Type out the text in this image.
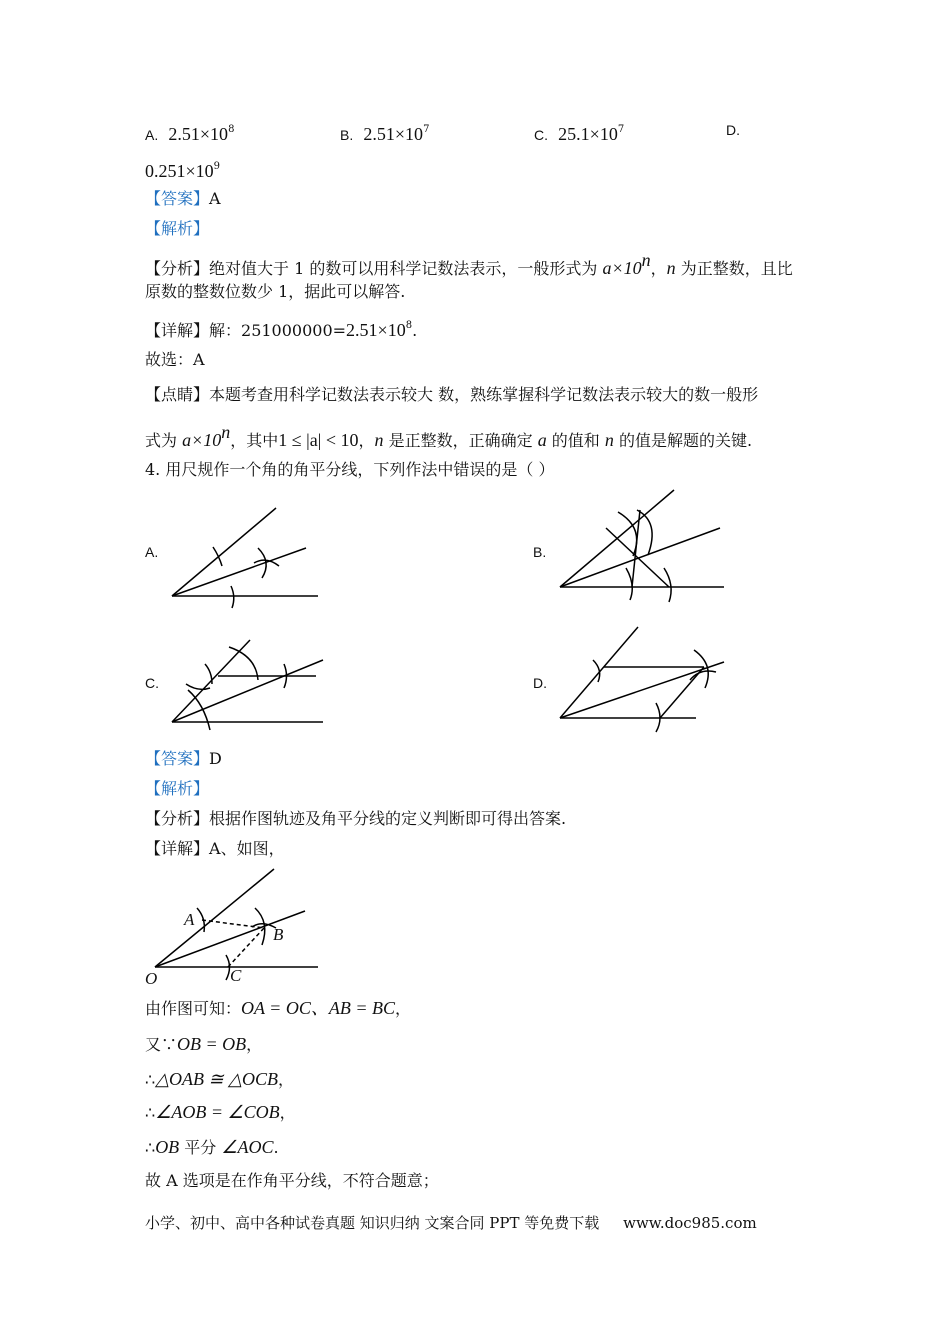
A. $2.51\times 10^8$	B. $2.51\times 10^7$	C. $25.1\times 10^7$	D.
$0.251\times 10^9$
【答案】A
【解析】
【分析】绝对值大于 1 的数可以用科学记数法表示，一般形式为 $a\times 10^n$，n 为正整数，且比
原数的整数位数少 1，据此可以解答.
【详解】解：$251000000=2.51\times 10^8$.
故选：A
【点睛】本题考查用科学记数法表示较大 数，熟练掌握科学记数法表示较大的数一般形
式为 $a\times 10^n$，其中1 ≤ |a| < 10，n 是正整数，正确确定 a 的值和 n 的值是解题的关键.
4. 用尺规作一个角的角平分线，下列作法中错误的是（ ）
A.	B.
C.	D.
【答案】D
【解析】
【分析】根据作图轨迹及角平分线的定义判断即可得出答案.
【详解】A、如图，
A
B
C
O
由作图可知：OA = OC、AB = BC，
又∵OB = OB，
∴△OAB ≅ △OCB，
∴∠AOB = ∠COB，
∴OB 平分 ∠AOC.
故 A 选项是在作角平分线，不符合题意；
小学、初中、高中各种试卷真题 知识归纳 文案合同 PPT 等免费下载 www.doc985.com
